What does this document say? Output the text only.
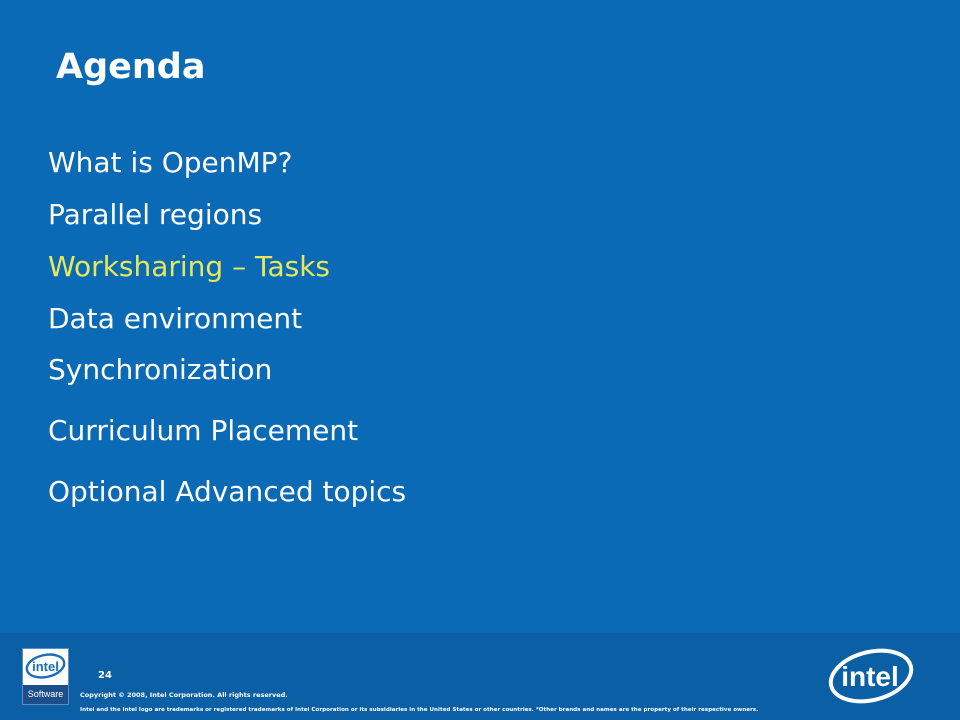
Agenda

What is OpenMP?

Parallel regions

Worksharing – Tasks

Data environment

Synchronization

Curriculum Placement

Optional Advanced topics

intel
Software
24
Copyright © 2008, Intel Corporation. All rights reserved.
Intel and the Intel logo are trademarks or registered trademarks of Intel Corporation or its subsidiaries in the United States or other countries. *Other brands and names are the property of their respective owners.
intel
